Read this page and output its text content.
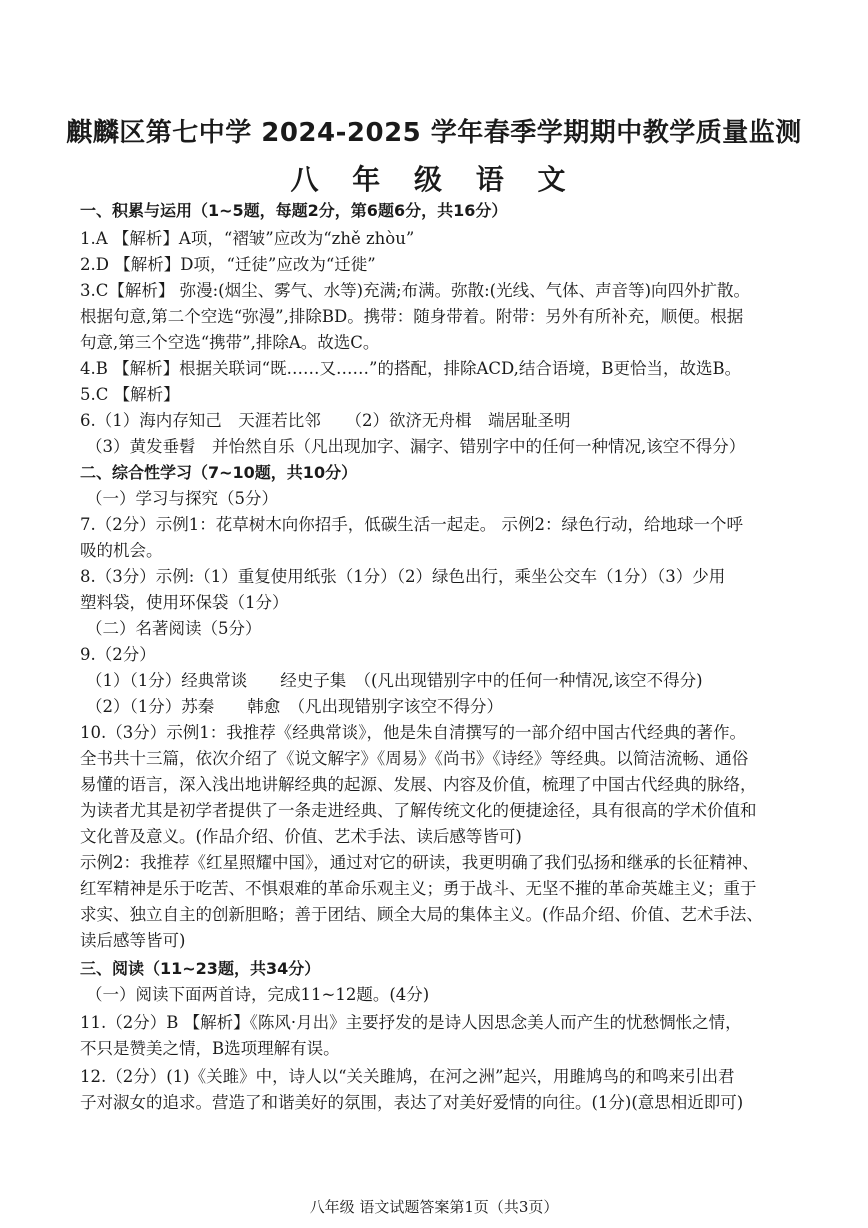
麒麟区第七中学 2024-2025 学年春季学期期中教学质量监测
八 年 级 语 文
一、积累与运用（1~5题，每题2分，第6题6分，共16分）
1.A 【解析】A项，“褶皱”应改为“zhě zhòu”
2.D 【解析】D项，“迁徒”应改为“迁徙”
3.C【解析】 弥漫:(烟尘、雾气、水等)充满;布满。弥散:(光线、气体、声音等)向四外扩散。
根据句意,第二个空选“弥漫”,排除BD。携带：随身带着。附带：另外有所补充，顺便。根据
句意,第三个空选“携带”,排除A。故选C。
4.B 【解析】根据关联词“既……又……”的搭配，排除ACD,结合语境，B更恰当，故选B。
5.C 【解析】
6.（1）海内存知己　天涯若比邻　　（2）欲济无舟楫　端居耻圣明
（3）黄发垂髫　并怡然自乐（凡出现加字、漏字、错别字中的任何一种情况,该空不得分）
二、综合性学习（7~10题，共10分）
（一）学习与探究（5分）
7.（2分）示例1：花草树木向你招手，低碳生活一起走。 示例2：绿色行动，给地球一个呼
吸的机会。
8.（3分）示例:（1）重复使用纸张（1分）（2）绿色出行，乘坐公交车（1分）（3）少用
塑料袋，使用环保袋（1分）
（二）名著阅读（5分）
9.（2分）
（1）（1分）经典常谈　　经史子集　（(凡出现错别字中的任何一种情况,该空不得分)
（2）（1分）苏秦　　韩愈　（凡出现错别字该空不得分）
10.（3分）示例1：我推荐《经典常谈》，他是朱自清撰写的一部介绍中国古代经典的著作。
全书共十三篇，依次介绍了《说文解字》《周易》《尚书》《诗经》等经典。以简洁流畅、通俗
易懂的语言，深入浅出地讲解经典的起源、发展、内容及价值，梳理了中国古代经典的脉络，
为读者尤其是初学者提供了一条走进经典、了解传统文化的便捷途径，具有很高的学术价值和
文化普及意义。(作品介绍、价值、艺术手法、读后感等皆可)
示例2：我推荐《红星照耀中国》，通过对它的研读，我更明确了我们弘扬和继承的长征精神、
红军精神是乐于吃苦、不惧艰难的革命乐观主义；勇于战斗、无坚不摧的革命英雄主义；重于
求实、独立自主的创新胆略；善于团结、顾全大局的集体主义。(作品介绍、价值、艺术手法、
读后感等皆可)
三、阅读（11~23题，共34分）
（一）阅读下面两首诗，完成11~12题。(4分)
11.（2分）B 【解析】《陈风·月出》主要抒发的是诗人因思念美人而产生的忧愁惆怅之情，
不只是赞美之情，B选项理解有误。
12.（2分）(1)《关雎》中，诗人以“关关雎鸠，在河之洲”起兴，用雎鸠鸟的和鸣来引出君
子对淑女的追求。营造了和谐美好的氛围，表达了对美好爱情的向往。(1分)(意思相近即可)
八年级 语文试题答案第1页（共3页）
